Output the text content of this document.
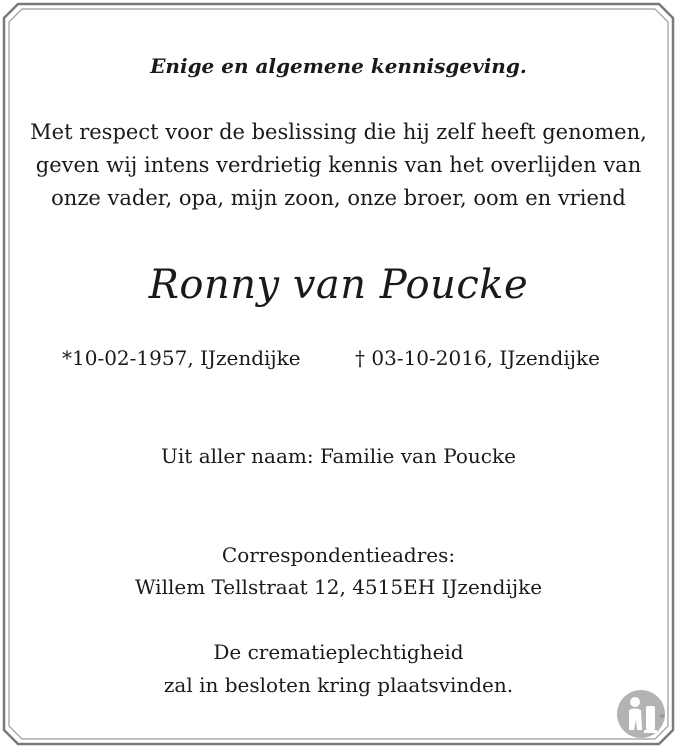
Enige en algemene kennisgeving.
Met respect voor de beslissing die hij zelf heeft genomen,
geven wij intens verdrietig kennis van het overlijden van
onze vader, opa, mijn zoon, onze broer, oom en vriend
Ronny van Poucke
*10-02-1957, IJzendijke	† 03-10-2016, IJzendijke
Uit aller naam: Familie van Poucke
Correspondentieadres:
Willem Tellstraat 12, 4515EH IJzendijke
De crematieplechtigheid
zal in besloten kring plaatsvinden.
